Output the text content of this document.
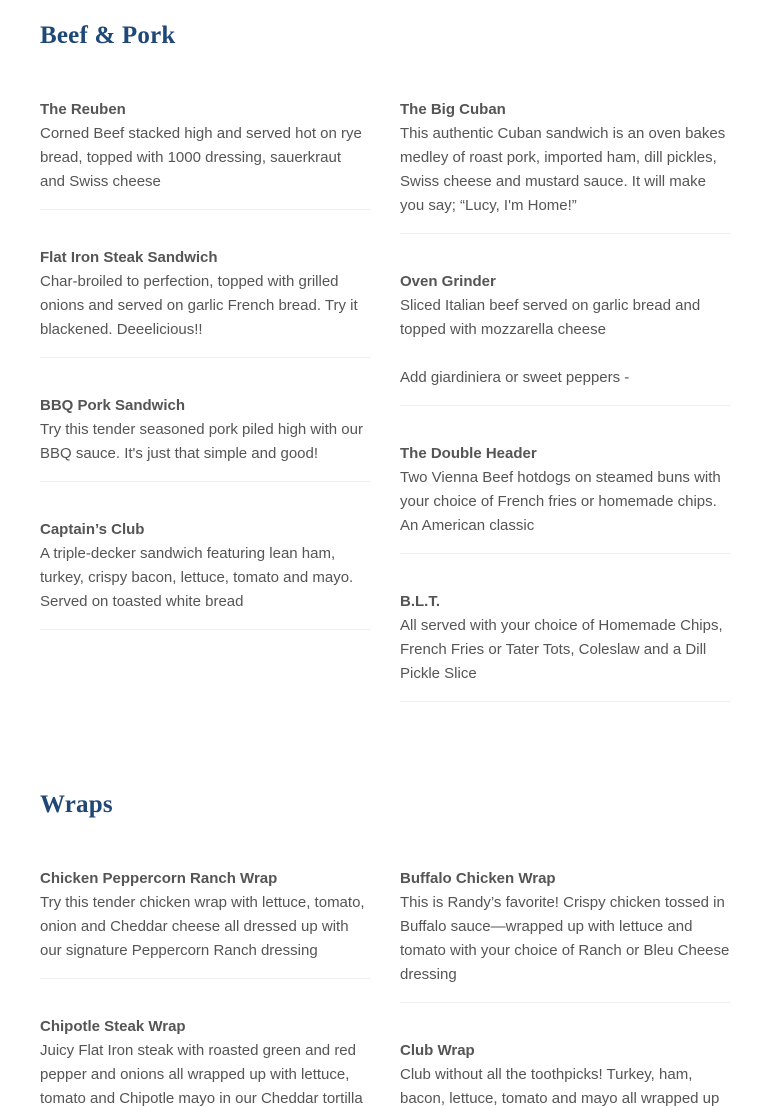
Beef & Pork
The Reuben
Corned Beef stacked high and served hot on rye bread, topped with 1000 dressing, sauerkraut and Swiss cheese
The Big Cuban
This authentic Cuban sandwich is an oven bakes medley of roast pork, imported ham, dill pickles, Swiss cheese and mustard sauce. It will make you say; “Lucy, I'm Home!”
Flat Iron Steak Sandwich
Char-broiled to perfection, topped with grilled onions and served on garlic French bread. Try it blackened. Deeelicious!!
Oven Grinder
Sliced Italian beef served on garlic bread and topped with mozzarella cheese
Add giardiniera or sweet peppers -
BBQ Pork Sandwich
Try this tender seasoned pork piled high with our BBQ sauce. It's just that simple and good!	The Double Header
Two Vienna Beef hotdogs on steamed buns with your choice of French fries or homemade chips. An American classic
Captain’s Club
A triple-decker sandwich featuring lean ham, turkey, crispy bacon, lettuce, tomato and mayo. Served on toasted white bread	B.L.T.
All served with your choice of Homemade Chips, French Fries or Tater Tots, Coleslaw and a Dill Pickle Slice
Wraps
Chicken Peppercorn Ranch Wrap
Try this tender chicken wrap with lettuce, tomato, onion and Cheddar cheese all dressed up with our signature Peppercorn Ranch dressing
Buffalo Chicken Wrap
This is Randy’s favorite! Crispy chicken tossed in Buffalo sauce—wrapped up with lettuce and tomato with your choice of Ranch or Bleu Cheese dressing
Chipotle Steak Wrap
Juicy Flat Iron steak with roasted green and red pepper and onions all wrapped up with lettuce, tomato and Chipotle mayo in our Cheddar tortilla
Club Wrap
Club without all the toothpicks! Turkey, ham, bacon, lettuce, tomato and mayo all wrapped up
